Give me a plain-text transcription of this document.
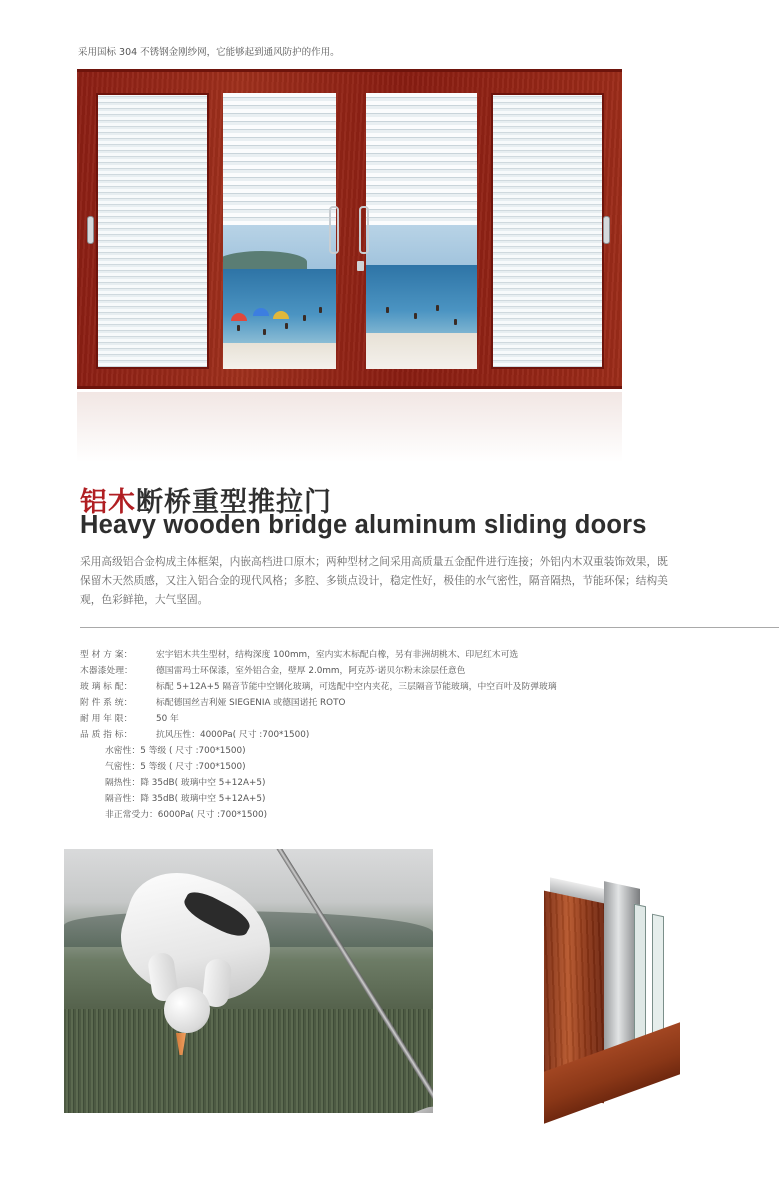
采用国标 304 不锈钢金刚纱网，它能够起到通风防护的作用。
铝木断桥重型推拉门
Heavy wooden bridge aluminum sliding doors
采用高级铝合金构成主体框架，内嵌高档进口原木；两种型材之间采用高质量五金配件进行连接；外铝内木双重装饰效果，既保留木天然质感，又注入铝合金的现代风格；多腔、多锁点设计，稳定性好，极佳的水气密性，隔音隔热，节能环保；结构美观，色彩鲜艳，大气坚固。
型 材 方 案：	宏宇铝木共生型材，结构深度 100mm，室内实木标配白橡，另有非洲胡桃木、印尼红木可选
木器漆处理：	德国雷玛士环保漆，室外铝合金，壁厚 2.0mm，阿克苏·诺贝尔粉末涂层任意色
玻 璃 标 配：	标配 5+12A+5 隔音节能中空钢化玻璃，可选配中空内夹花，三层隔音节能玻璃，中空百叶及防弹玻璃
附 件 系 统：	标配德国丝吉利娅 SIEGENIA 或德国诺托 ROTO
耐 用 年 限：	50 年
品 质 指 标：	抗风压性：4000Pa( 尺寸 :700*1500)
水密性：5 等级 ( 尺寸 :700*1500)
气密性：5 等级 ( 尺寸 :700*1500)
隔热性：降 35dB( 玻璃中空 5+12A+5)
隔音性：降 35dB( 玻璃中空 5+12A+5)
非正常受力：6000Pa( 尺寸 :700*1500)
